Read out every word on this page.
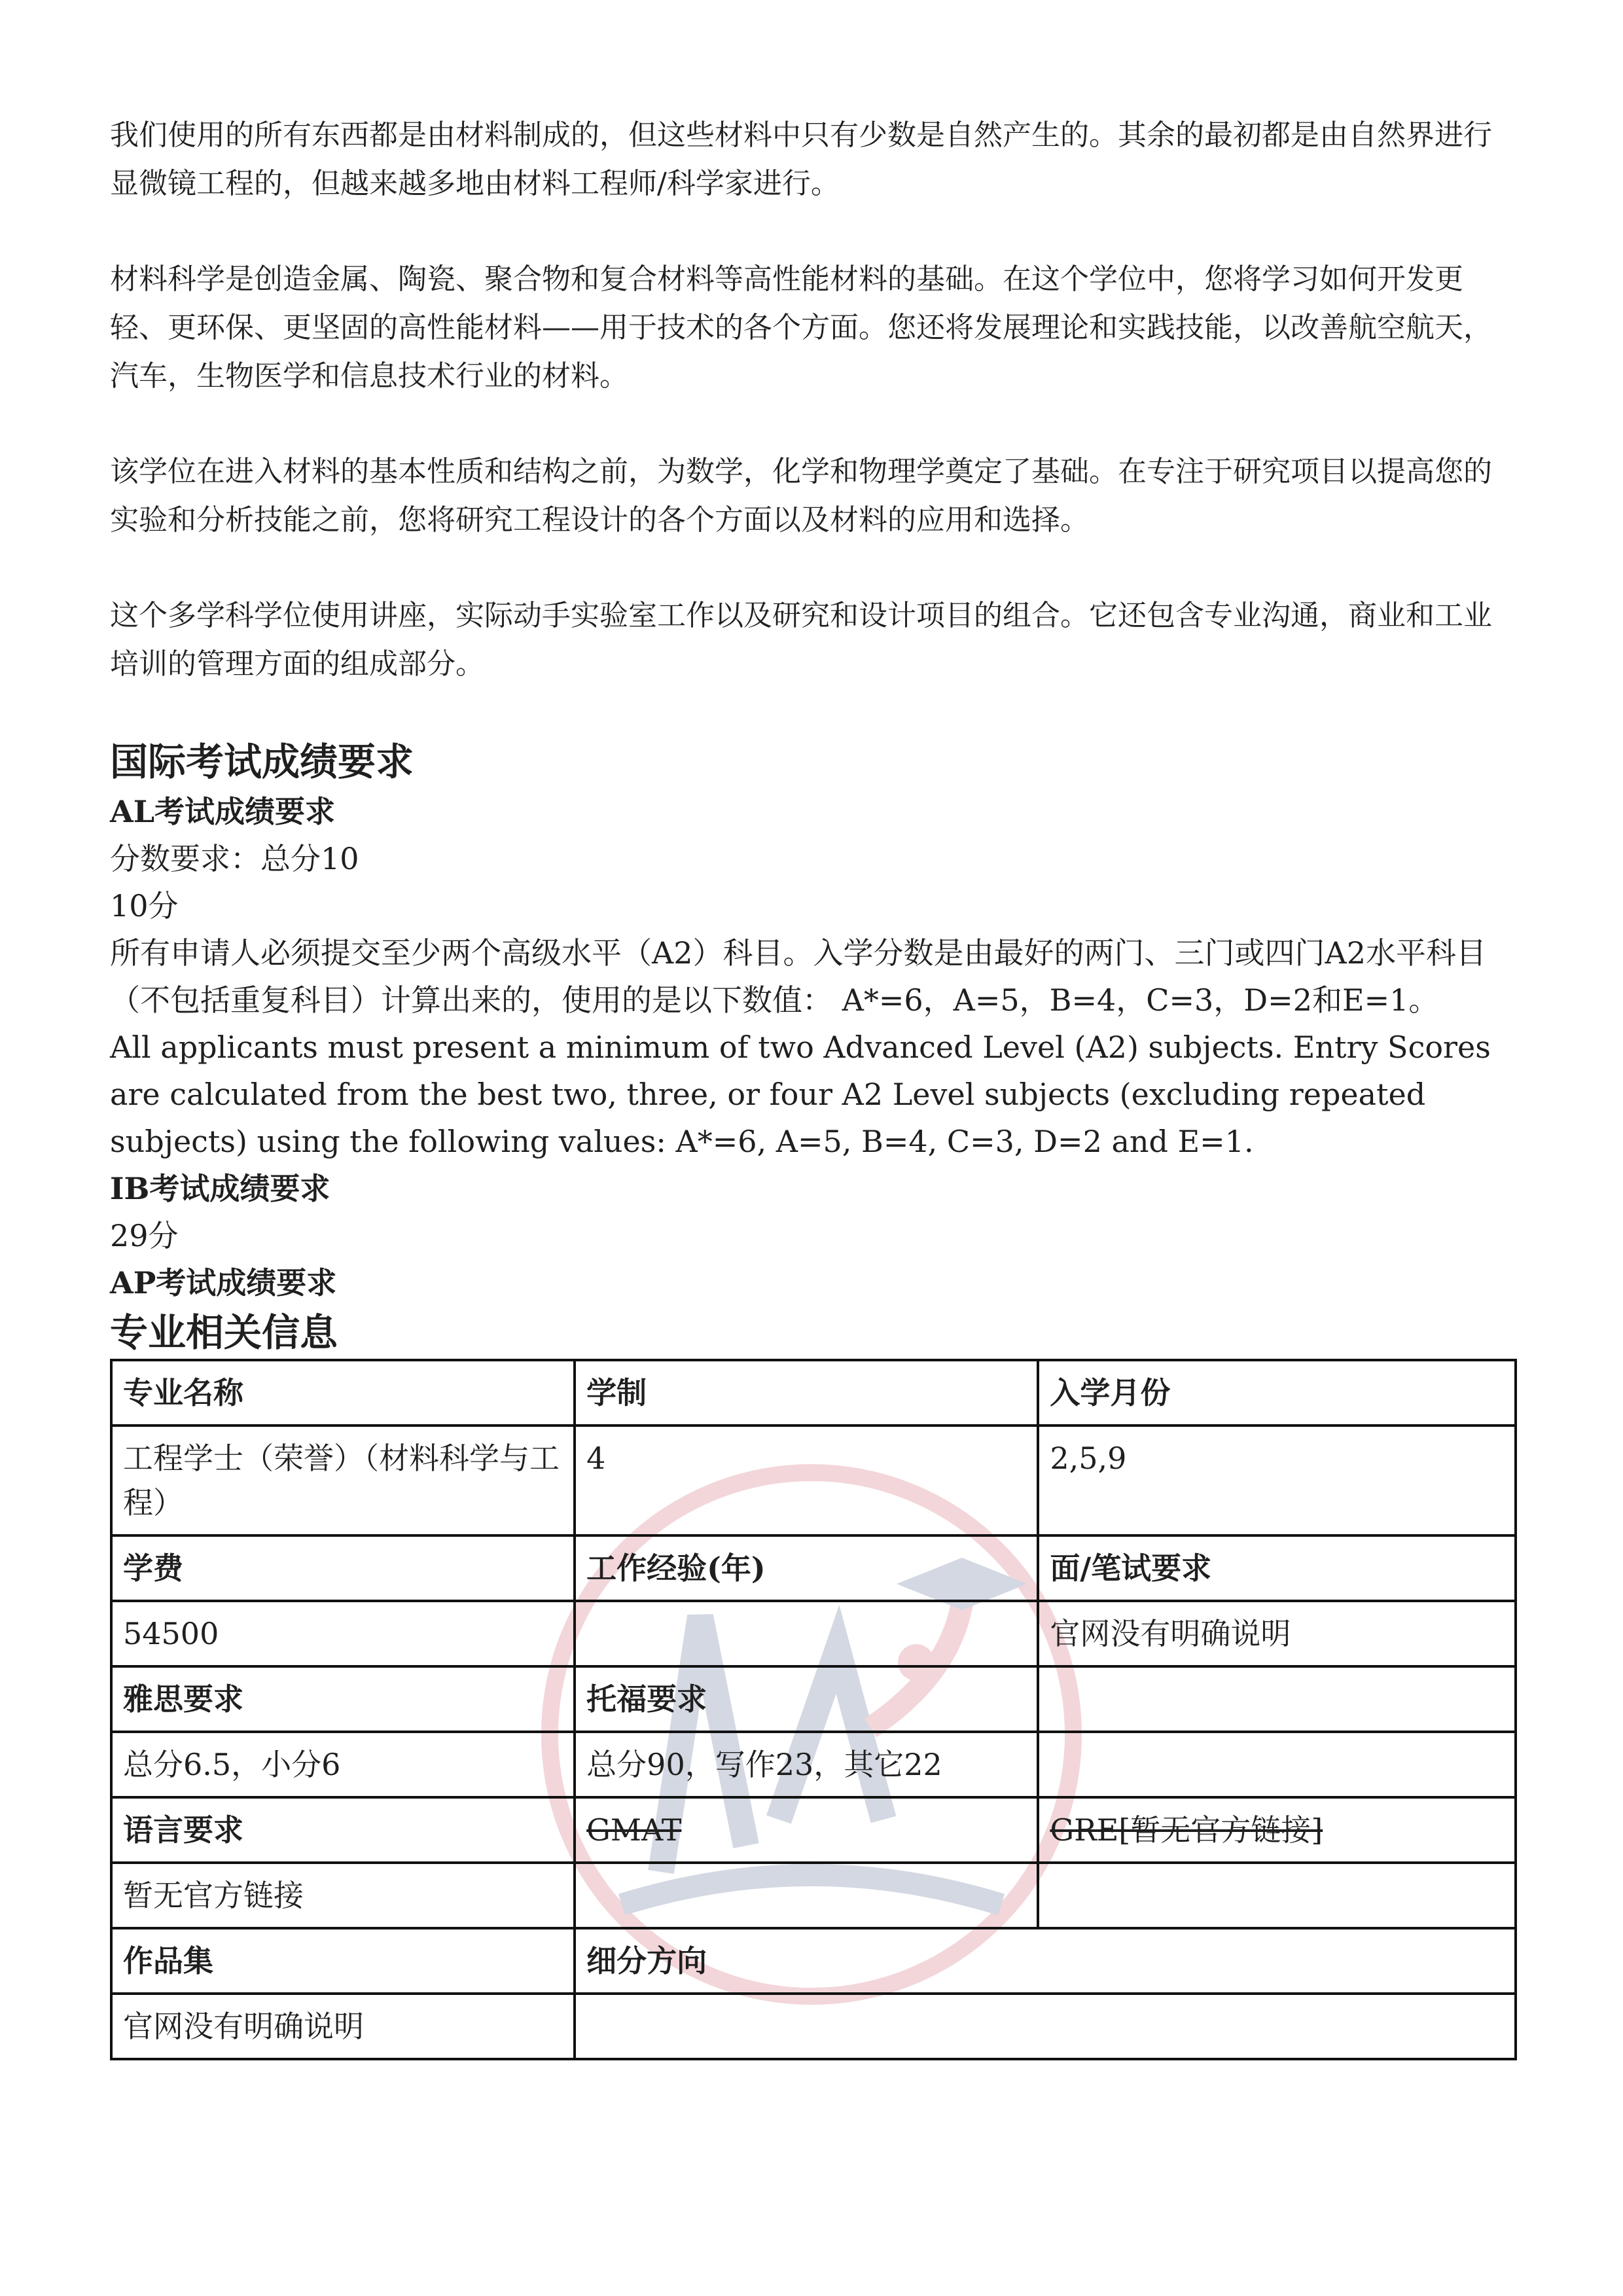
我们使用的所有东西都是由材料制成的，但这些材料中只有少数是自然产生的。其余的最初都是由自然界进行显微镜工程的，但越来越多地由材料工程师/科学家进行。

材料科学是创造金属、陶瓷、聚合物和复合材料等高性能材料的基础。在这个学位中，您将学习如何开发更轻、更环保、更坚固的高性能材料——用于技术的各个方面。您还将发展理论和实践技能，以改善航空航天，汽车，生物医学和信息技术行业的材料。

该学位在进入材料的基本性质和结构之前，为数学，化学和物理学奠定了基础。在专注于研究项目以提高您的实验和分析技能之前，您将研究工程设计的各个方面以及材料的应用和选择。

这个多学科学位使用讲座，实际动手实验室工作以及研究和设计项目的组合。它还包含专业沟通，商业和工业培训的管理方面的组成部分。

国际考试成绩要求
AL考试成绩要求
分数要求：总分10
10分
所有申请人必须提交至少两个高级水平（A2）科目。入学分数是由最好的两门、三门或四门A2水平科目（不包括重复科目）计算出来的，使用的是以下数值： A*=6，A=5，B=4，C=3，D=2和E=1。
All applicants must present a minimum of two Advanced Level (A2) subjects. Entry Scores are calculated from the best two, three, or four A2 Level subjects (excluding repeated subjects) using the following values: A*=6, A=5, B=4, C=3, D=2 and E=1.
IB考试成绩要求
29分
AP考试成绩要求
专业相关信息
专业名称	学制	入学月份
工程学士（荣誉）（材料科学与工程）	4	2,5,9
学费	工作经验(年)	面/笔试要求
54500		官网没有明确说明
雅思要求	托福要求	
总分6.5，小分6	总分90，写作23，其它22	
语言要求	GMAT	GRE[暂无官方链接]
暂无官方链接		
作品集	细分方向	
官网没有明确说明		
